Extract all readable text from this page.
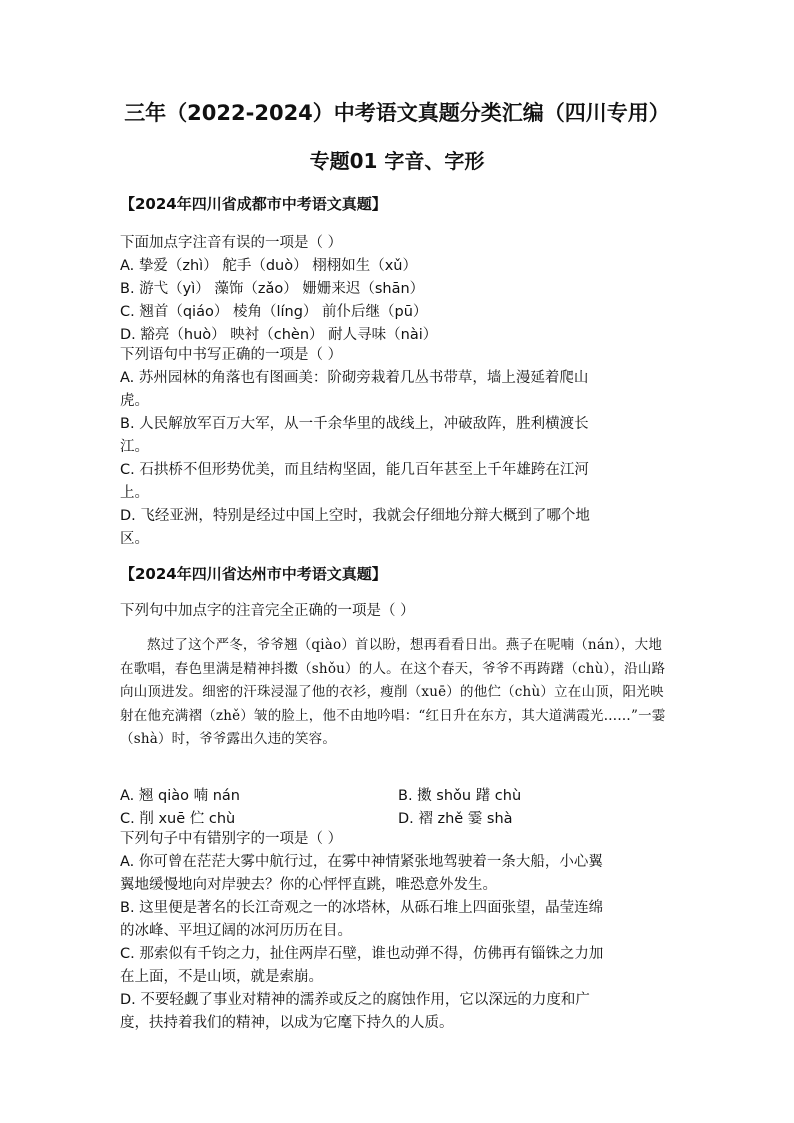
三年（2022-2024）中考语文真题分类汇编（四川专用）
专题01 字音、字形
【2024年四川省成都市中考语文真题】
下面加点字注音有误的一项是（ ）
A. 挚爱（zhì） 舵手（duò） 栩栩如生（xǔ）
B. 游弋（yì） 藻饰（zǎo） 姗姗来迟（shān）
C. 翘首（qiáo） 棱角（líng） 前仆后继（pū）
D. 豁亮（huò） 映衬（chèn） 耐人寻味（nài）
下列语句中书写正确的一项是（ ）
A. 苏州园林的角落也有图画美：阶砌旁栽着几丛书带草，墙上漫延着爬山
虎。
B. 人民解放军百万大军，从一千余华里的战线上，冲破敌阵，胜利横渡长
江。
C. 石拱桥不但形势优美，而且结构坚固，能几百年甚至上千年雄跨在江河
上。
D. 飞经亚洲，特别是经过中国上空时，我就会仔细地分辩大概到了哪个地
区。
【2024年四川省达州市中考语文真题】
下列句中加点字的注音完全正确的一项是（ ）
熬过了这个严冬，爷爷翘（qiào）首以盼，想再看看日出。燕子在呢喃（nán），大地在歌唱，春色里满是精神抖擞（shǒu）的人。在这个春天，爷爷不再踌躇（chù），沿山路向山顶进发。细密的汗珠浸湿了他的衣衫，瘦削（xuē）的他伫（chù）立在山顶，阳光映射在他充满褶（zhě）皱的脸上，他不由地吟唱：“红日升在东方，其大道满霞光……”一霎（shà）时，爷爷露出久违的笑容。
A. 翘 qiào 喃 nán	B. 擞 shǒu 躇 chù
C. 削 xuē 伫 chù	D. 褶 zhě 霎 shà
下列句子中有错别字的一项是（ ）
A. 你可曾在茫茫大雾中航行过，在雾中神情紧张地驾驶着一条大船，小心翼
翼地缓慢地向对岸驶去？你的心怦怦直跳，唯恐意外发生。
B. 这里便是著名的长江奇观之一的冰塔林，从砾石堆上四面张望，晶莹连绵
的冰峰、平坦辽阔的冰河历历在目。
C. 那索似有千钧之力，扯住两岸石壁，谁也动弹不得，仿佛再有锱铢之力加
在上面，不是山顷，就是索崩。
D. 不要轻觑了事业对精神的濡养或反之的腐蚀作用，它以深远的力度和广
度，扶持着我们的精神，以成为它麾下持久的人质。
